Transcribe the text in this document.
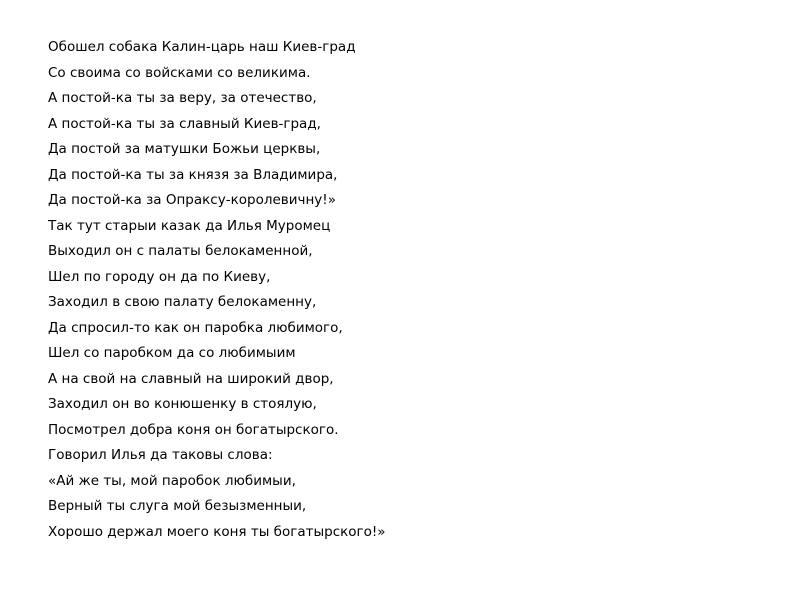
Обошел собака Калин-царь наш Киев-град
Со своима со войсками со великима.
А постой-ка ты за веру, за отечество,
А постой-ка ты за славный Киев-град,
Да постой за матушки Божьи церквы,
Да постой-ка ты за князя за Владимира,
Да постой-ка за Опраксу-королевичну!»
Так тут старыи казак да Илья Муромец
Выходил он с палаты белокаменной,
Шел по городу он да по Киеву,
Заходил в свою палату белокаменну,
Да спросил-то как он паробка любимого,
Шел со паробком да со любимыим
А на свой на славный на широкий двор,
Заходил он во конюшенку в стоялую,
Посмотрел добра коня он богатырского.
Говорил Илья да таковы слова:
«Ай же ты, мой паробок любимыи,
Верный ты слуга мой безызменныи,
Хорошо держал моего коня ты богатырского!»
